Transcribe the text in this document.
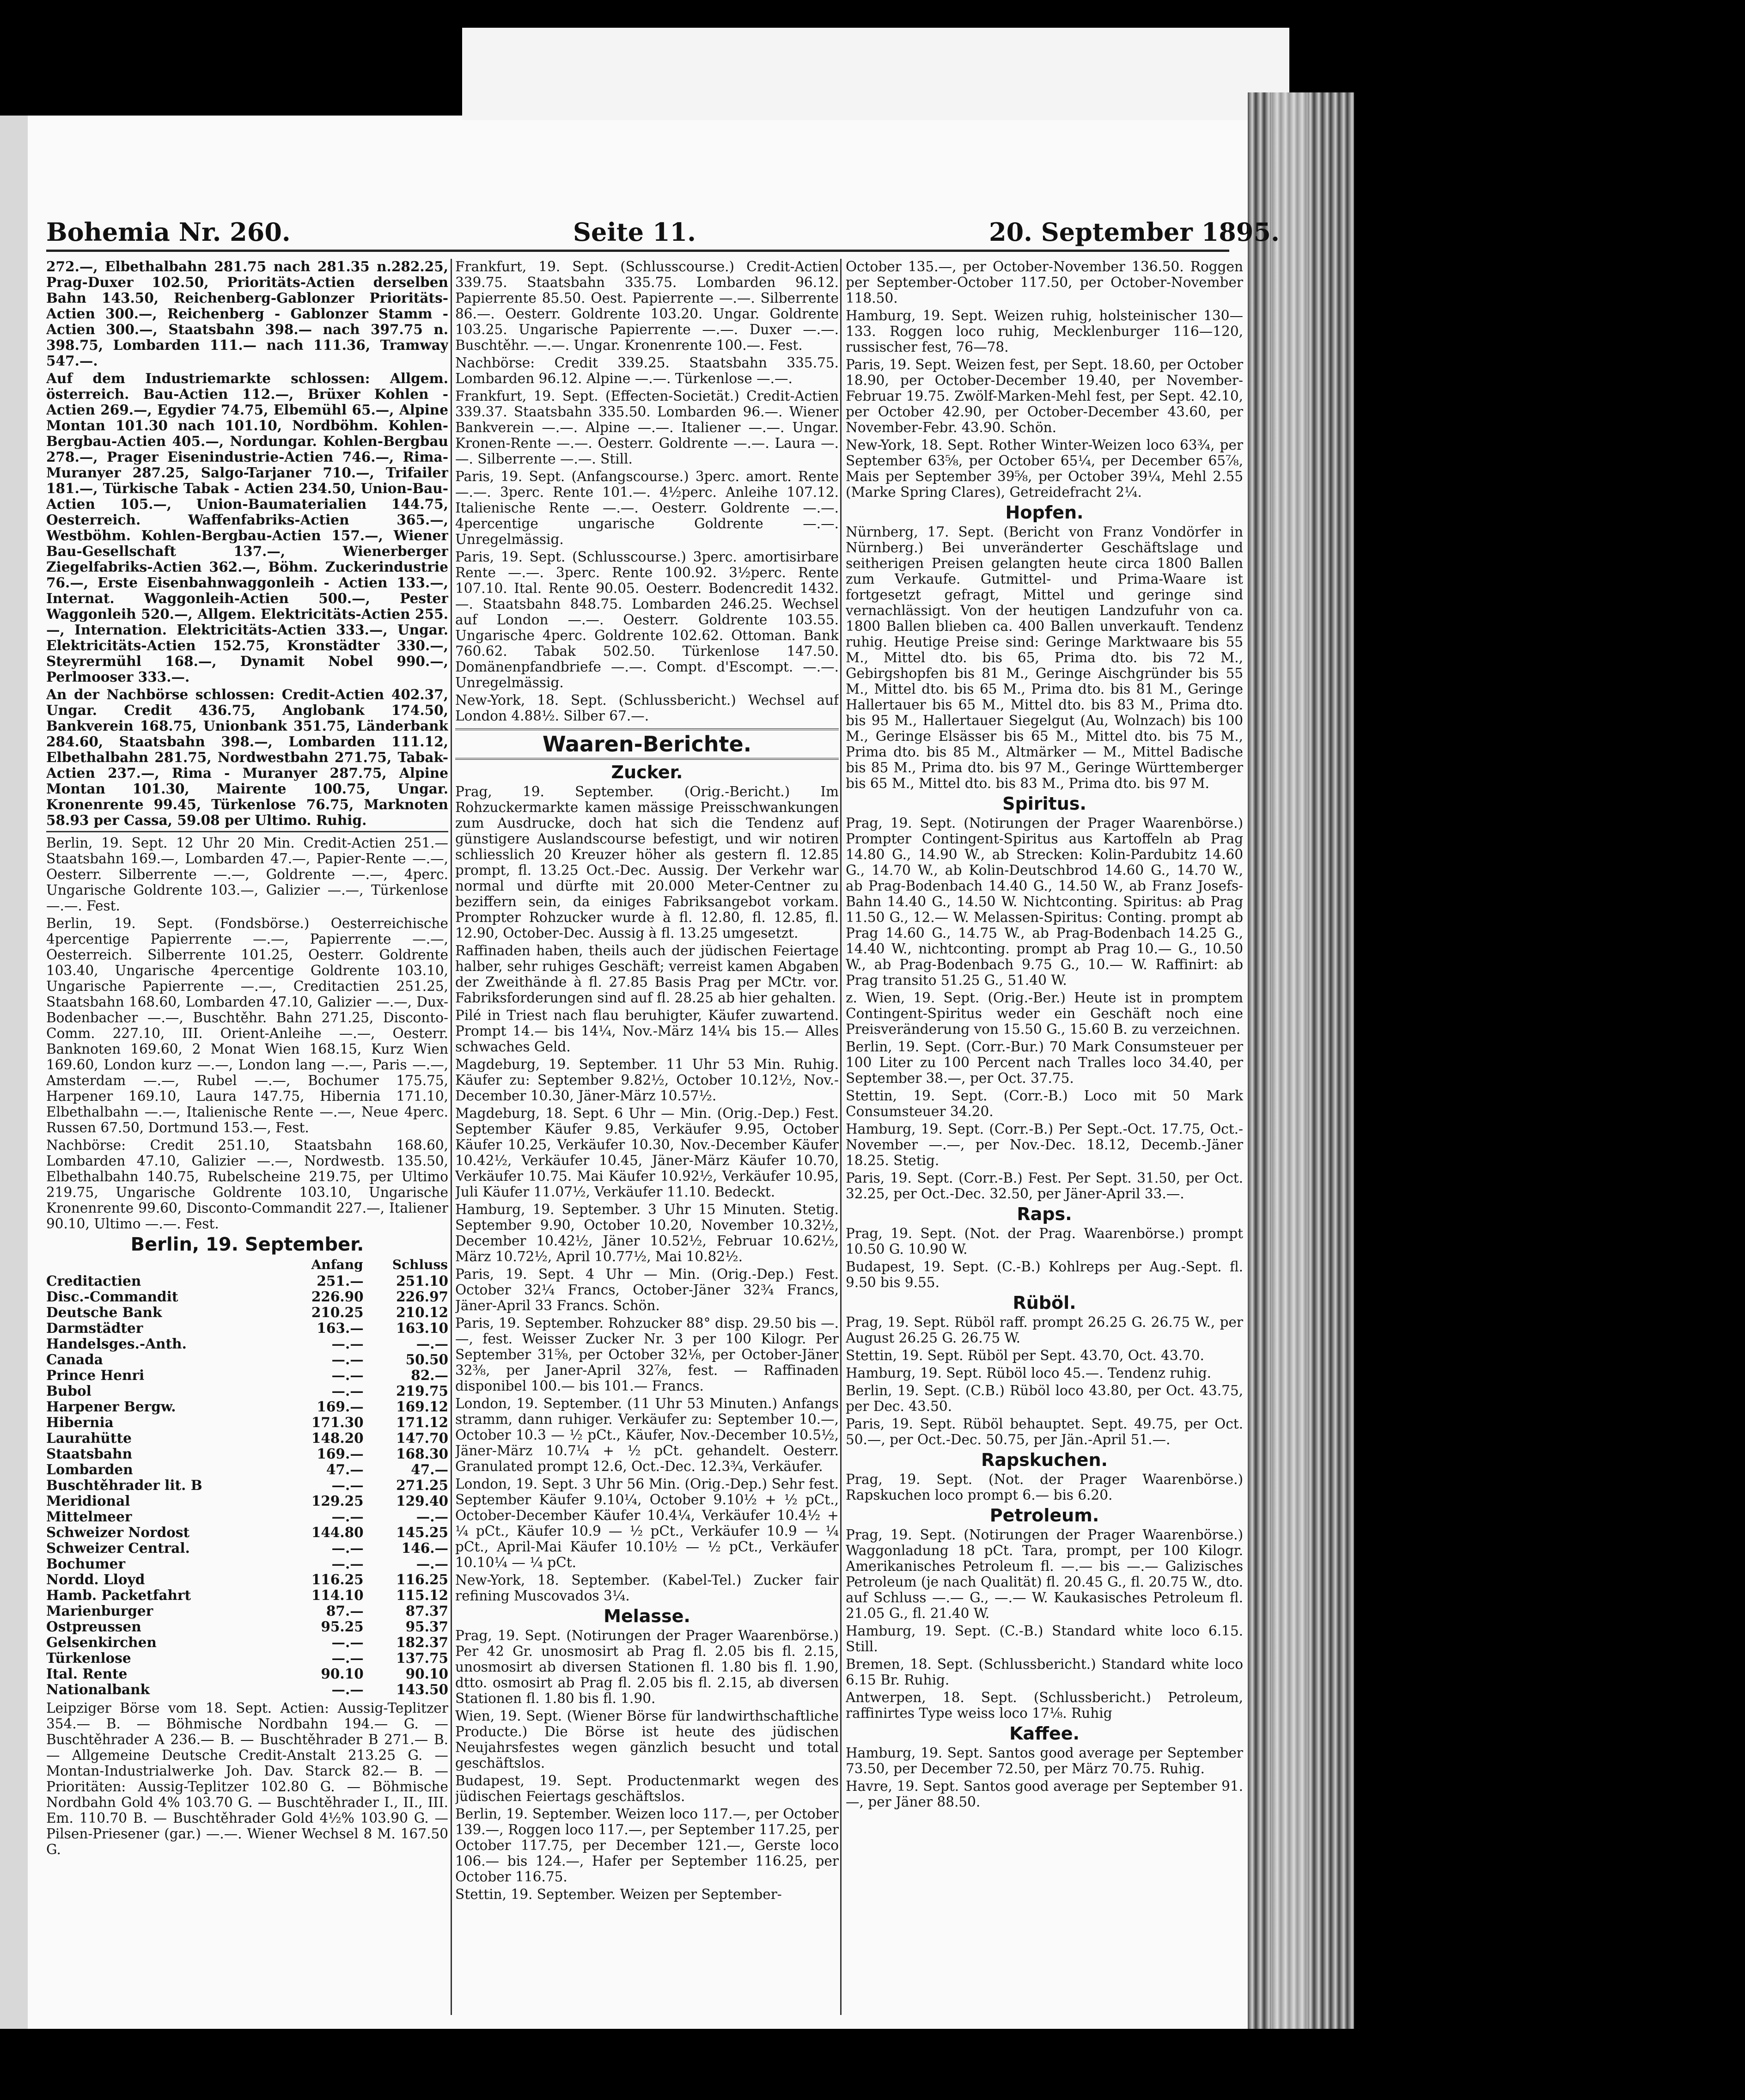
Bohemia Nr. 260.	Seite 11.	20. September 1895.

272.—, Elbethalbahn 281.75 nach 281.35 n.282.25, Prag-Duxer 102.50, Prioritäts-Actien derselben Bahn 143.50, Reichenberg-Gablonzer Prioritäts-Actien 300.—, Reichenberg - Gablonzer Stamm - Actien 300.—, Staatsbahn 398.— nach 397.75 n. 398.75, Lombarden 111.— nach 111.36, Tramway 547.—.

Auf dem Industriemarkte schlossen: Allgem. österreich. Bau-Actien 112.—, Brüxer Kohlen - Actien 269.—, Egydier 74.75, Elbemühl 65.—, Alpine Montan 101.30 nach 101.10, Nordböhm. Kohlen-Bergbau-Actien 405.—, Nordungar. Kohlen-Bergbau 278.—, Prager Eisenindustrie-Actien 746.—, Rima-Muranyer 287.25, Salgo-Tarjaner 710.—, Trifailer 181.—, Türkische Tabak - Actien 234.50, Union-Bau-Actien 105.—, Union-Baumaterialien 144.75, Oesterreich. Waffenfabriks-Actien 365.—, Westböhm. Kohlen-Bergbau-Actien 157.—, Wiener Bau-Gesellschaft 137.—, Wienerberger Ziegelfabriks-Actien 362.—, Böhm. Zuckerindustrie 76.—, Erste Eisenbahnwaggonleih - Actien 133.—, Internat. Waggonleih-Actien 500.—, Pester Waggonleih 520.—, Allgem. Elektricitäts-Actien 255.—, Internation. Elektricitäts-Actien 333.—, Ungar. Elektricitäts-Actien 152.75, Kronstädter 330.—, Steyrermühl 168.—, Dynamit Nobel 990.—, Perlmooser 333.—.

An der Nachbörse schlossen: Credit-Actien 402.37, Ungar. Credit 436.75, Anglobank 174.50, Bankverein 168.75, Unionbank 351.75, Länderbank 284.60, Staatsbahn 398.—, Lombarden 111.12, Elbethalbahn 281.75, Nordwestbahn 271.75, Tabak-Actien 237.—, Rima - Muranyer 287.75, Alpine Montan 101.30, Mairente 100.75, Ungar. Kronenrente 99.45, Türkenlose 76.75, Marknoten 58.93 per Cassa, 59.08 per Ultimo. Ruhig.

Berlin, 19. Sept. 12 Uhr 20 Min. Credit-Actien 251.— Staatsbahn 169.—, Lombarden 47.—, Papier-Rente —.—, Oesterr. Silberrente —.—, Goldrente —.—, 4perc. Ungarische Goldrente 103.—, Galizier —.—, Türkenlose —.—. Fest.

Berlin, 19. Sept. (Fondsbörse.) Oesterreichische 4percentige Papierrente —.—, Papierrente —.—, Oesterreich. Silberrente 101.25, Oesterr. Goldrente 103.40, Ungarische 4percentige Goldrente 103.10, Ungarische Papierrente —.—, Creditactien 251.25, Staatsbahn 168.60, Lombarden 47.10, Galizier —.—, Dux-Bodenbacher —.—, Buschtěhr. Bahn 271.25, Disconto-Comm. 227.10, III. Orient-Anleihe —.—, Oesterr. Banknoten 169.60, 2 Monat Wien 168.15, Kurz Wien 169.60, London kurz —.—, London lang —.—, Paris —.—, Amsterdam —.—, Rubel —.—, Bochumer 175.75, Harpener 169.10, Laura 147.75, Hibernia 171.10, Elbethalbahn —.—, Italienische Rente —.—, Neue 4perc. Russen 67.50, Dortmund 153.—, Fest.

Nachbörse: Credit 251.10, Staatsbahn 168.60, Lombarden 47.10, Galizier —.—, Nordwestb. 135.50, Elbethalbahn 140.75, Rubelscheine 219.75, per Ultimo 219.75, Ungarische Goldrente 103.10, Ungarische Kronenrente 99.60, Disconto-Commandit 227.—, Italiener 90.10, Ultimo —.—. Fest.

Berlin, 19. September.
	Anfang	Schluss
Creditactien	251.—	251.10
Disc.-Commandit	226.90	226.97
Deutsche Bank	210.25	210.12
Darmstädter	163.—	163.10
Handelsges.-Anth.	—.—	—.—
Canada	—.—	50.50
Prince Henri	—.—	82.—
Bubol	—.—	219.75
Harpener Bergw.	169.—	169.12
Hibernia	171.30	171.12
Laurahütte	148.20	147.70
Staatsbahn	169.—	168.30
Lombarden	47.—	47.—
Buschtěhrader lit. B	—.—	271.25
Meridional	129.25	129.40
Mittelmeer	—.—	—.—
Schweizer Nordost	144.80	145.25
Schweizer Central.	—.—	146.—
Bochumer	—.—	—.—
Nordd. Lloyd	116.25	116.25
Hamb. Packetfahrt	114.10	115.12
Marienburger	87.—	87.37
Ostpreussen	95.25	95.37
Gelsenkirchen	—.—	182.37
Türkenlose	—.—	137.75
Ital. Rente	90.10	90.10
Nationalbank	—.—	143.50

Leipziger Börse vom 18. Sept. Actien: Aussig-Teplitzer 354.— B. — Böhmische Nordbahn 194.— G. — Buschtěhrader A 236.— B. — Buschtěhrader B 271.— B. — Allgemeine Deutsche Credit-Anstalt 213.25 G. — Montan-Industrialwerke Joh. Dav. Starck 82.— B. — Prioritäten: Aussig-Teplitzer 102.80 G. — Böhmische Nordbahn Gold 4% 103.70 G. — Buschtěhrader I., II., III. Em. 110.70 B. — Buschtěhrader Gold 4½% 103.90 G. — Pilsen-Priesener (gar.) —.—. Wiener Wechsel 8 M. 167.50 G.

Frankfurt, 19. Sept. (Schlusscourse.) Credit-Actien 339.75. Staatsbahn 335.75. Lombarden 96.12. Papierrente 85.50. Oest. Papierrente —.—. Silberrente 86.—. Oesterr. Goldrente 103.20. Ungar. Goldrente 103.25. Ungarische Papierrente —.—. Duxer —.—. Buschtěhr. —.—. Ungar. Kronenrente 100.—. Fest.

Nachbörse: Credit 339.25. Staatsbahn 335.75. Lombarden 96.12. Alpine —.—. Türkenlose —.—.

Frankfurt, 19. Sept. (Effecten-Societät.) Credit-Actien 339.37. Staatsbahn 335.50. Lombarden 96.—. Wiener Bankverein —.—. Alpine —.—. Italiener —.—. Ungar. Kronen-Rente —.—. Oesterr. Goldrente —.—. Laura —.—. Silberrente —.—. Still.

Paris, 19. Sept. (Anfangscourse.) 3perc. amort. Rente —.—. 3perc. Rente 101.—. 4½perc. Anleihe 107.12. Italienische Rente —.—. Oesterr. Goldrente —.—. 4percentige ungarische Goldrente —.—. Unregelmässig.

Paris, 19. Sept. (Schlusscourse.) 3perc. amortisirbare Rente —.—. 3perc. Rente 100.92. 3½perc. Rente 107.10. Ital. Rente 90.05. Oesterr. Bodencredit 1432.—. Staatsbahn 848.75. Lombarden 246.25. Wechsel auf London —.—. Oesterr. Goldrente 103.55. Ungarische 4perc. Goldrente 102.62. Ottoman. Bank 760.62. Tabak 502.50. Türkenlose 147.50. Domänenpfandbriefe —.—. Compt. d'Escompt. —.—. Unregelmässig.

New-York, 18. Sept. (Schlussbericht.) Wechsel auf London 4.88½. Silber 67.—.

Waaren-Berichte.
Zucker.

Prag, 19. September. (Orig.-Bericht.) Im Rohzuckermarkte kamen mässige Preisschwankungen zum Ausdrucke, doch hat sich die Tendenz auf günstigere Auslandscourse befestigt, und wir notiren schliesslich 20 Kreuzer höher als gestern fl. 12.85 prompt, fl. 13.25 Oct.-Dec. Aussig. Der Verkehr war normal und dürfte mit 20.000 Meter-Centner zu beziffern sein, da einiges Fabriksangebot vorkam. Prompter Rohzucker wurde à fl. 12.80, fl. 12.85, fl. 12.90, October-Dec. Aussig à fl. 13.25 umgesetzt.

Raffinaden haben, theils auch der jüdischen Feiertage halber, sehr ruhiges Geschäft; verreist kamen Abgaben der Zweithände à fl. 27.85 Basis Prag per MCtr. vor. Fabriksforderungen sind auf fl. 28.25 ab hier gehalten.

Pilé in Triest nach flau beruhigter, Käufer zuwartend. Prompt 14.— bis 14¼, Nov.-März 14¼ bis 15.— Alles schwaches Geld.

Magdeburg, 19. September. 11 Uhr 53 Min. Ruhig. Käufer zu: September 9.82½, October 10.12½, Nov.-December 10.30, Jäner-März 10.57½.

Magdeburg, 18. Sept. 6 Uhr — Min. (Orig.-Dep.) Fest. September Käufer 9.85, Verkäufer 9.95, October Käufer 10.25, Verkäufer 10.30, Nov.-December Käufer 10.42½, Verkäufer 10.45, Jäner-März Käufer 10.70, Verkäufer 10.75. Mai Käufer 10.92½, Verkäufer 10.95, Juli Käufer 11.07½, Verkäufer 11.10. Bedeckt.

Hamburg, 19. September. 3 Uhr 15 Minuten. Stetig. September 9.90, October 10.20, November 10.32½, December 10.42½, Jäner 10.52½, Februar 10.62½, März 10.72½, April 10.77½, Mai 10.82½.

Paris, 19. Sept. 4 Uhr — Min. (Orig.-Dep.) Fest. October 32¼ Francs, October-Jäner 32¾ Francs, Jäner-April 33 Francs. Schön.

Paris, 19. September. Rohzucker 88° disp. 29.50 bis —.—, fest. Weisser Zucker Nr. 3 per 100 Kilogr. Per September 31⅝, per October 32⅛, per October-Jäner 32⅜, per Janer-April 32⅞, fest. — Raffinaden disponibel 100.— bis 101.— Francs.

London, 19. September. (11 Uhr 53 Minuten.) Anfangs stramm, dann ruhiger. Verkäufer zu: September 10.—, October 10.3 — ½ pCt., Käufer, Nov.-December 10.5½, Jäner-März 10.7¼ + ½ pCt. gehandelt. Oesterr. Granulated prompt 12.6, Oct.-Dec. 12.3¾, Verkäufer.

London, 19. Sept. 3 Uhr 56 Min. (Orig.-Dep.) Sehr fest. September Käufer 9.10¼, October 9.10½ + ½ pCt., October-December Käufer 10.4¼, Verkäufer 10.4½ + ¼ pCt., Käufer 10.9 — ½ pCt., Verkäufer 10.9 — ¼ pCt., April-Mai Käufer 10.10½ — ½ pCt., Verkäufer 10.10¼ — ¼ pCt.

New-York, 18. September. (Kabel-Tel.) Zucker fair refining Muscovados 3¼.

Melasse.

Prag, 19. Sept. (Notirungen der Prager Waarenbörse.) Per 42 Gr. unosmosirt ab Prag fl. 2.05 bis fl. 2.15, unosmosirt ab diversen Stationen fl. 1.80 bis fl. 1.90, dtto. osmosirt ab Prag fl. 2.05 bis fl. 2.15, ab diversen Stationen fl. 1.80 bis fl. 1.90.

Wien, 19. Sept. (Wiener Börse für landwirthschaftliche Producte.) Die Börse ist heute des jüdischen Neujahrsfestes wegen gänzlich besucht und total geschäftslos.

Budapest, 19. Sept. Productenmarkt wegen des jüdischen Feiertags geschäftslos.

Berlin, 19. September. Weizen loco 117.—, per October 139.—, Roggen loco 117.—, per September 117.25, per October 117.75, per December 121.—, Gerste loco 106.— bis 124.—, Hafer per September 116.25, per October 116.75.

Stettin, 19. September. Weizen per September-

October 135.—, per October-November 136.50. Roggen per September-October 117.50, per October-November 118.50.

Hamburg, 19. Sept. Weizen ruhig, holsteinischer 130—133. Roggen loco ruhig, Mecklenburger 116—120, russischer fest, 76—78.

Paris, 19. Sept. Weizen fest, per Sept. 18.60, per October 18.90, per October-December 19.40, per November-Februar 19.75. Zwölf-Marken-Mehl fest, per Sept. 42.10, per October 42.90, per October-December 43.60, per November-Febr. 43.90. Schön.

New-York, 18. Sept. Rother Winter-Weizen loco 63¾, per September 63⅝, per October 65¼, per December 65⅞, Mais per September 39⅝, per October 39¼, Mehl 2.55 (Marke Spring Clares), Getreidefracht 2¼.

Hopfen.

Nürnberg, 17. Sept. (Bericht von Franz Vondörfer in Nürnberg.) Bei unveränderter Geschäftslage und seitherigen Preisen gelangten heute circa 1800 Ballen zum Verkaufe. Gutmittel- und Prima-Waare ist fortgesetzt gefragt, Mittel und geringe sind vernachlässigt. Von der heutigen Landzufuhr von ca. 1800 Ballen blieben ca. 400 Ballen unverkauft. Tendenz ruhig. Heutige Preise sind: Geringe Marktwaare bis 55 M., Mittel dto. bis 65, Prima dto. bis 72 M., Gebirgshopfen bis 81 M., Geringe Aischgründer bis 55 M., Mittel dto. bis 65 M., Prima dto. bis 81 M., Geringe Hallertauer bis 65 M., Mittel dto. bis 83 M., Prima dto. bis 95 M., Hallertauer Siegelgut (Au, Wolnzach) bis 100 M., Geringe Elsässer bis 65 M., Mittel dto. bis 75 M., Prima dto. bis 85 M., Altmärker — M., Mittel Badische bis 85 M., Prima dto. bis 97 M., Geringe Württemberger bis 65 M., Mittel dto. bis 83 M., Prima dto. bis 97 M.

Spiritus.

Prag, 19. Sept. (Notirungen der Prager Waarenbörse.) Prompter Contingent-Spiritus aus Kartoffeln ab Prag 14.80 G., 14.90 W., ab Strecken: Kolin-Pardubitz 14.60 G., 14.70 W., ab Kolin-Deutschbrod 14.60 G., 14.70 W., ab Prag-Bodenbach 14.40 G., 14.50 W., ab Franz Josefs-Bahn 14.40 G., 14.50 W. Nichtconting. Spiritus: ab Prag 11.50 G., 12.— W. Melassen-Spiritus: Conting. prompt ab Prag 14.60 G., 14.75 W., ab Prag-Bodenbach 14.25 G., 14.40 W., nichtconting. prompt ab Prag 10.— G., 10.50 W., ab Prag-Bodenbach 9.75 G., 10.— W. Raffinirt: ab Prag transito 51.25 G., 51.40 W.

z. Wien, 19. Sept. (Orig.-Ber.) Heute ist in promptem Contingent-Spiritus weder ein Geschäft noch eine Preisveränderung von 15.50 G., 15.60 B. zu verzeichnen.

Berlin, 19. Sept. (Corr.-Bur.) 70 Mark Consumsteuer per 100 Liter zu 100 Percent nach Tralles loco 34.40, per September 38.—, per Oct. 37.75.

Stettin, 19. Sept. (Corr.-B.) Loco mit 50 Mark Consumsteuer 34.20.

Hamburg, 19. Sept. (Corr.-B.) Per Sept.-Oct. 17.75, Oct.-November —.—, per Nov.-Dec. 18.12, Decemb.-Jäner 18.25. Stetig.

Paris, 19. Sept. (Corr.-B.) Fest. Per Sept. 31.50, per Oct. 32.25, per Oct.-Dec. 32.50, per Jäner-April 33.—.

Raps.

Prag, 19. Sept. (Not. der Prag. Waarenbörse.) prompt 10.50 G. 10.90 W.

Budapest, 19. Sept. (C.-B.) Kohlreps per Aug.-Sept. fl. 9.50 bis 9.55.

Rüböl.

Prag, 19. Sept. Rüböl raff. prompt 26.25 G. 26.75 W., per August 26.25 G. 26.75 W.

Stettin, 19. Sept. Rüböl per Sept. 43.70, Oct. 43.70.

Hamburg, 19. Sept. Rüböl loco 45.—. Tendenz ruhig.

Berlin, 19. Sept. (C.B.) Rüböl loco 43.80, per Oct. 43.75, per Dec. 43.50.

Paris, 19. Sept. Rüböl behauptet. Sept. 49.75, per Oct. 50.—, per Oct.-Dec. 50.75, per Jän.-April 51.—.

Rapskuchen.

Prag, 19. Sept. (Not. der Prager Waarenbörse.) Rapskuchen loco prompt 6.— bis 6.20.

Petroleum.

Prag, 19. Sept. (Notirungen der Prager Waarenbörse.) Waggonladung 18 pCt. Tara, prompt, per 100 Kilogr. Amerikanisches Petroleum fl. —.— bis —.— Galizisches Petroleum (je nach Qualität) fl. 20.45 G., fl. 20.75 W., dto. auf Schluss —.— G., —.— W. Kaukasisches Petroleum fl. 21.05 G., fl. 21.40 W.

Hamburg, 19. Sept. (C.-B.) Standard white loco 6.15. Still.

Bremen, 18. Sept. (Schlussbericht.) Standard white loco 6.15 Br. Ruhig.

Antwerpen, 18. Sept. (Schlussbericht.) Petroleum, raffinirtes Type weiss loco 17⅛. Ruhig

Kaffee.

Hamburg, 19. Sept. Santos good average per September 73.50, per December 72.50, per März 70.75. Ruhig.

Havre, 19. Sept. Santos good average per September 91.—, per Jäner 88.50.
